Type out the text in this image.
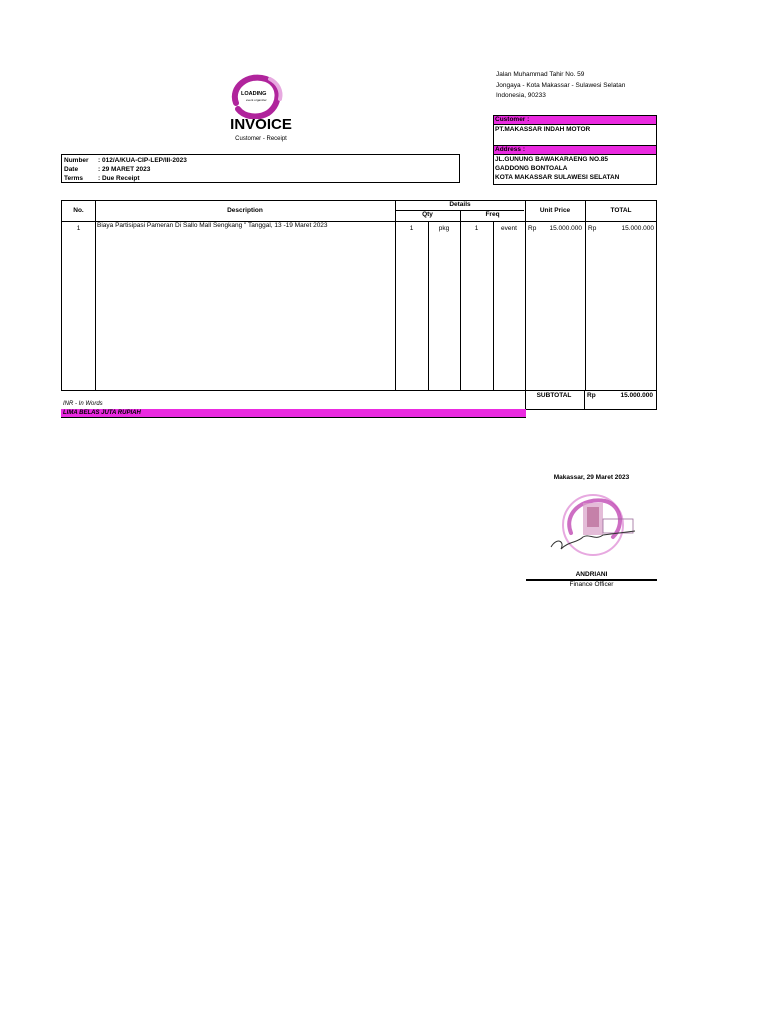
LOADING
event organizer
INVOICE
Customer - Receipt
Jalan Muhammad Tahir No. 59
Jongaya - Kota Makassar - Sulawesi Selatan
Indonesia, 90233
Number	: 012/A/KUA-CIP-LEP/III-2023
Date	: 29 MARET 2023
Terms	: Due Receipt
Customer :
PT.MAKASSAR INDAH MOTOR
Address :
JL.GUNUNG BAWAKARAENG NO.85
GADDONG BONTOALA
KOTA MAKASSAR SULAWESI SELATAN
No.	Description
Details
Qty	Freq
Unit Price	TOTAL
1	Biaya Partisipasi Pameran Di Sallo Mall Sengkang " Tanggal, 13 -19 Maret 2023	1	pkg	1	event	Rp	15.000.000 Rp	15.000.000
SUBTOTAL	Rp	15.000.000
INR - In Words
LIMA BELAS JUTA RUPIAH
Makassar, 29 Maret 2023
ANDRIANI
Finance Officer
